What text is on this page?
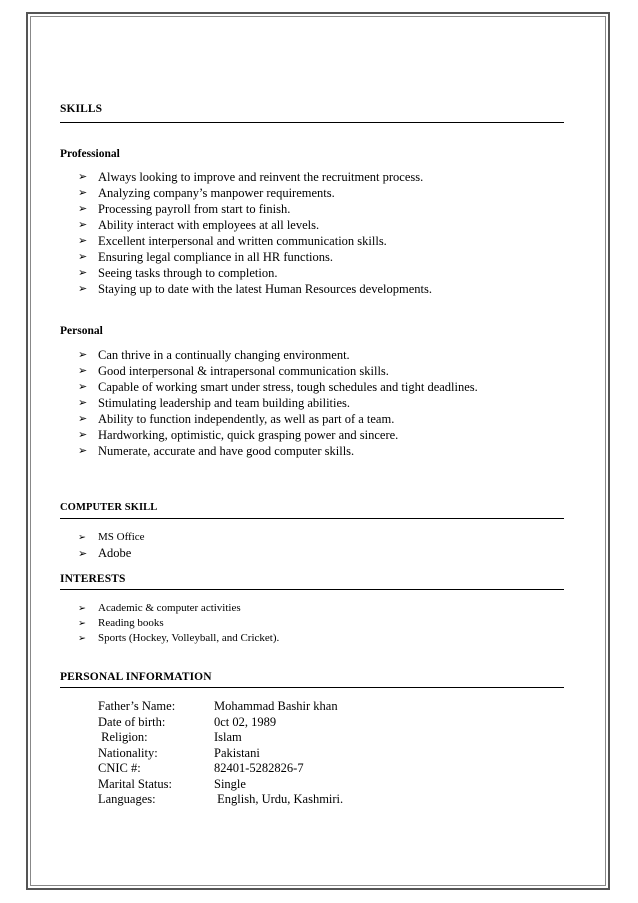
SKILLS
Professional
➢ Always looking to improve and reinvent the recruitment process.
➢ Analyzing company’s manpower requirements.
➢ Processing payroll from start to finish.
➢ Ability interact with employees at all levels.
➢ Excellent interpersonal and written communication skills.
➢ Ensuring legal compliance in all HR functions.
➢ Seeing tasks through to completion.
➢ Staying up to date with the latest Human Resources developments.
Personal
➢ Can thrive in a continually changing environment.
➢ Good interpersonal & intrapersonal communication skills.
➢ Capable of working smart under stress, tough schedules and tight deadlines.
➢ Stimulating leadership and team building abilities.
➢ Ability to function independently, as well as part of a team.
➢ Hardworking, optimistic, quick grasping power and sincere.
➢ Numerate, accurate and have good computer skills.
COMPUTER SKILL
➢ MS Office
➢ Adobe
INTERESTS
➢ Academic & computer activities
➢ Reading books
➢ Sports (Hockey, Volleyball, and Cricket).
PERSONAL INFORMATION
Father’s Name:	Mohammad Bashir khan
Date of birth:	0ct 02, 1989
Religion:	Islam
Nationality:	Pakistani
CNIC #:	82401-5282826-7
Marital Status:	Single
Languages:	English, Urdu, Kashmiri.
